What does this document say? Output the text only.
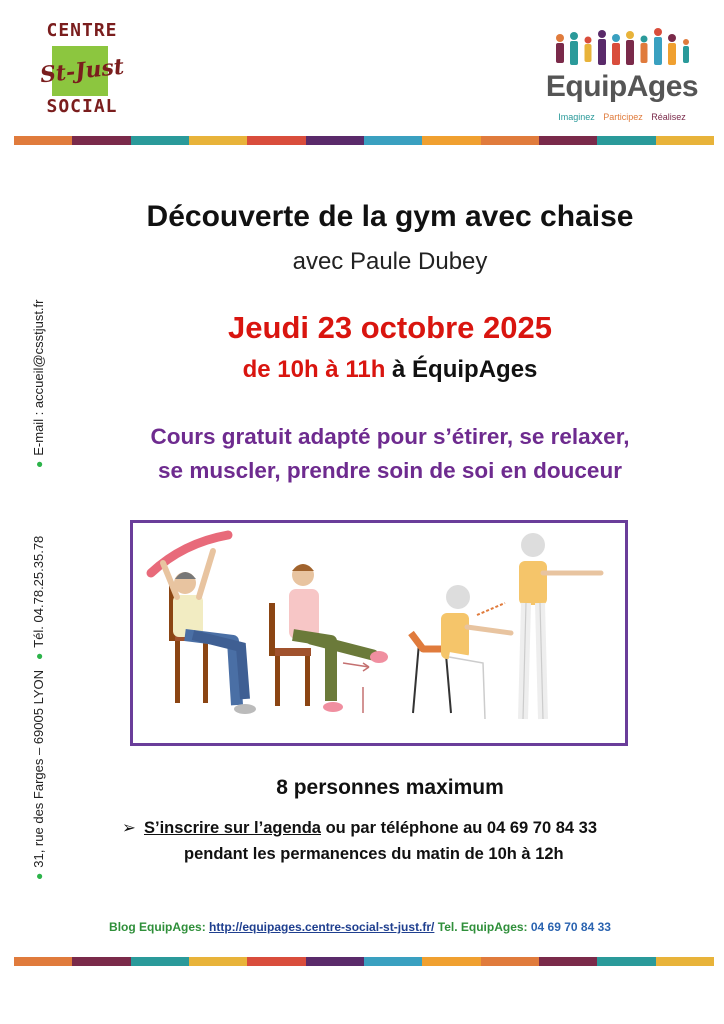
CENTRE
St-Just
SOCIAL
EquipAges
Imaginez Participez Réalisez
●31, rue des Farges – 69005 LYON
●Tél. 04.78.25.35.78
●E-mail : accueil@csstjust.fr
Découverte de la gym avec chaise
avec Paule Dubey
Jeudi 23 octobre 2025
de 10h à 11h à ÉquipAges
Cours gratuit adapté pour s’étirer, se relaxer,
se muscler, prendre soin de soi en douceur
8 personnes maximum
➢ S’inscrire sur l’agenda ou par téléphone au 04 69 70 84 33
pendant les permanences du matin de 10h à 12h
Blog EquipAges: http://equipages.centre-social-st-just.fr/ Tel. EquipAges: 04 69 70 84 33
